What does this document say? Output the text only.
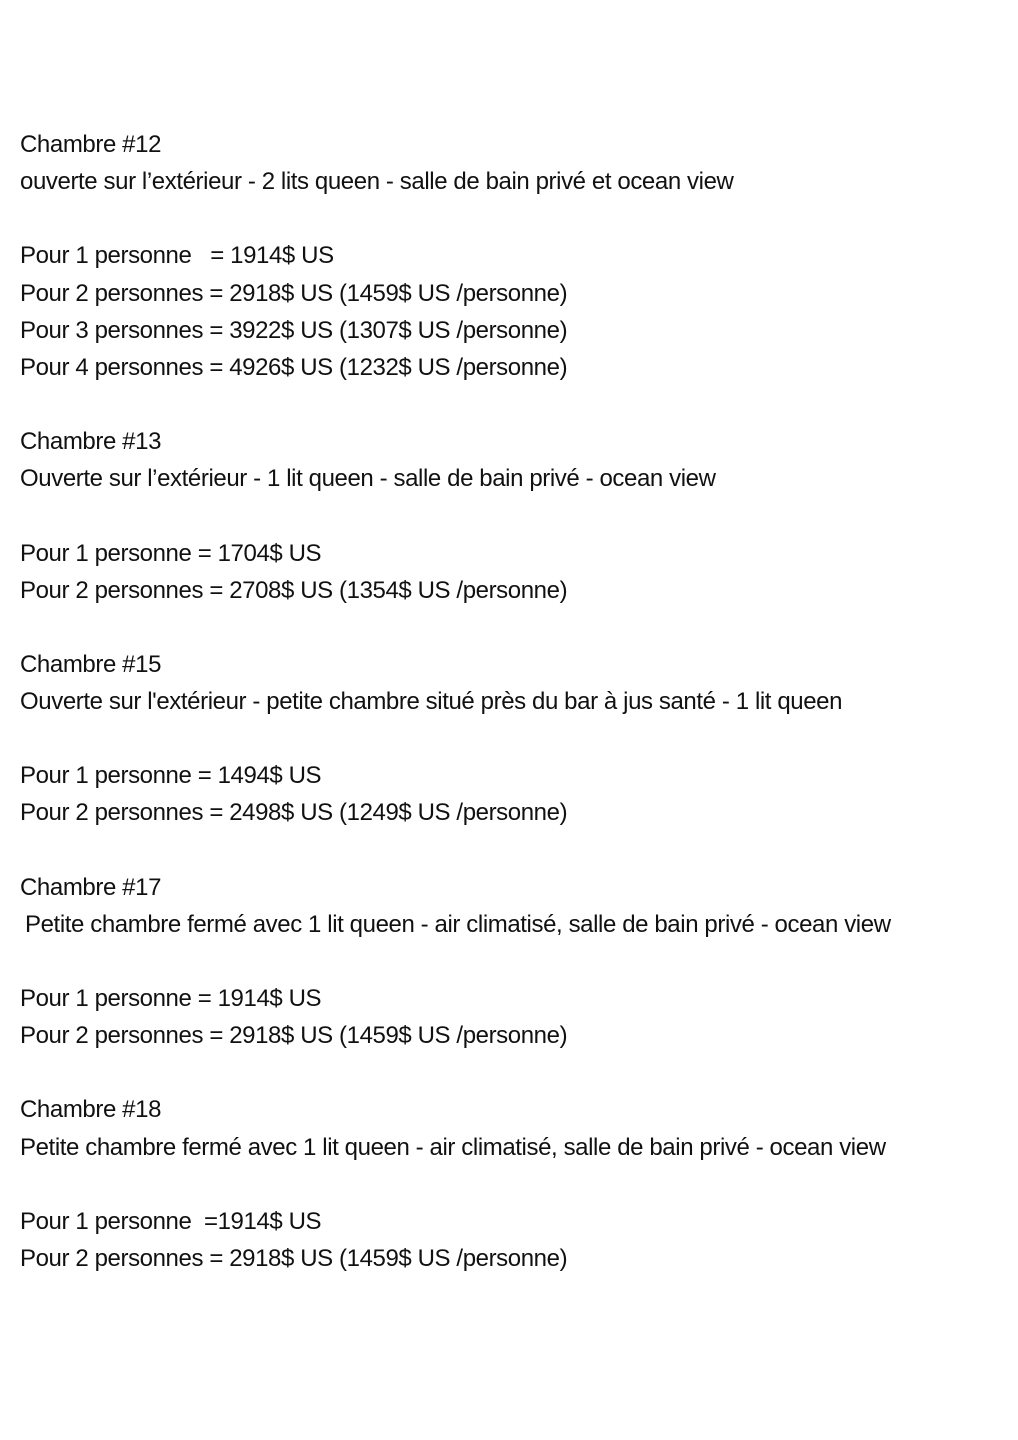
Chambre #12
ouverte sur l’extérieur - 2 lits queen - salle de bain privé et ocean view
Pour 1 personne   = 1914$ US
Pour 2 personnes = 2918$ US (1459$ US /personne)
Pour 3 personnes = 3922$ US (1307$ US /personne)
Pour 4 personnes = 4926$ US (1232$ US /personne)
Chambre #13
Ouverte sur l’extérieur - 1 lit queen - salle de bain privé - ocean view
Pour 1 personne = 1704$ US
Pour 2 personnes = 2708$ US (1354$ US /personne)
Chambre #15
Ouverte sur l'extérieur - petite chambre situé près du bar à jus santé - 1 lit queen
Pour 1 personne = 1494$ US
Pour 2 personnes = 2498$ US (1249$ US /personne)
Chambre #17
Petite chambre fermé avec 1 lit queen - air climatisé, salle de bain privé - ocean view
Pour 1 personne = 1914$ US
Pour 2 personnes = 2918$ US (1459$ US /personne)
Chambre #18
Petite chambre fermé avec 1 lit queen - air climatisé, salle de bain privé - ocean view
Pour 1 personne  =1914$ US
Pour 2 personnes = 2918$ US (1459$ US /personne)
